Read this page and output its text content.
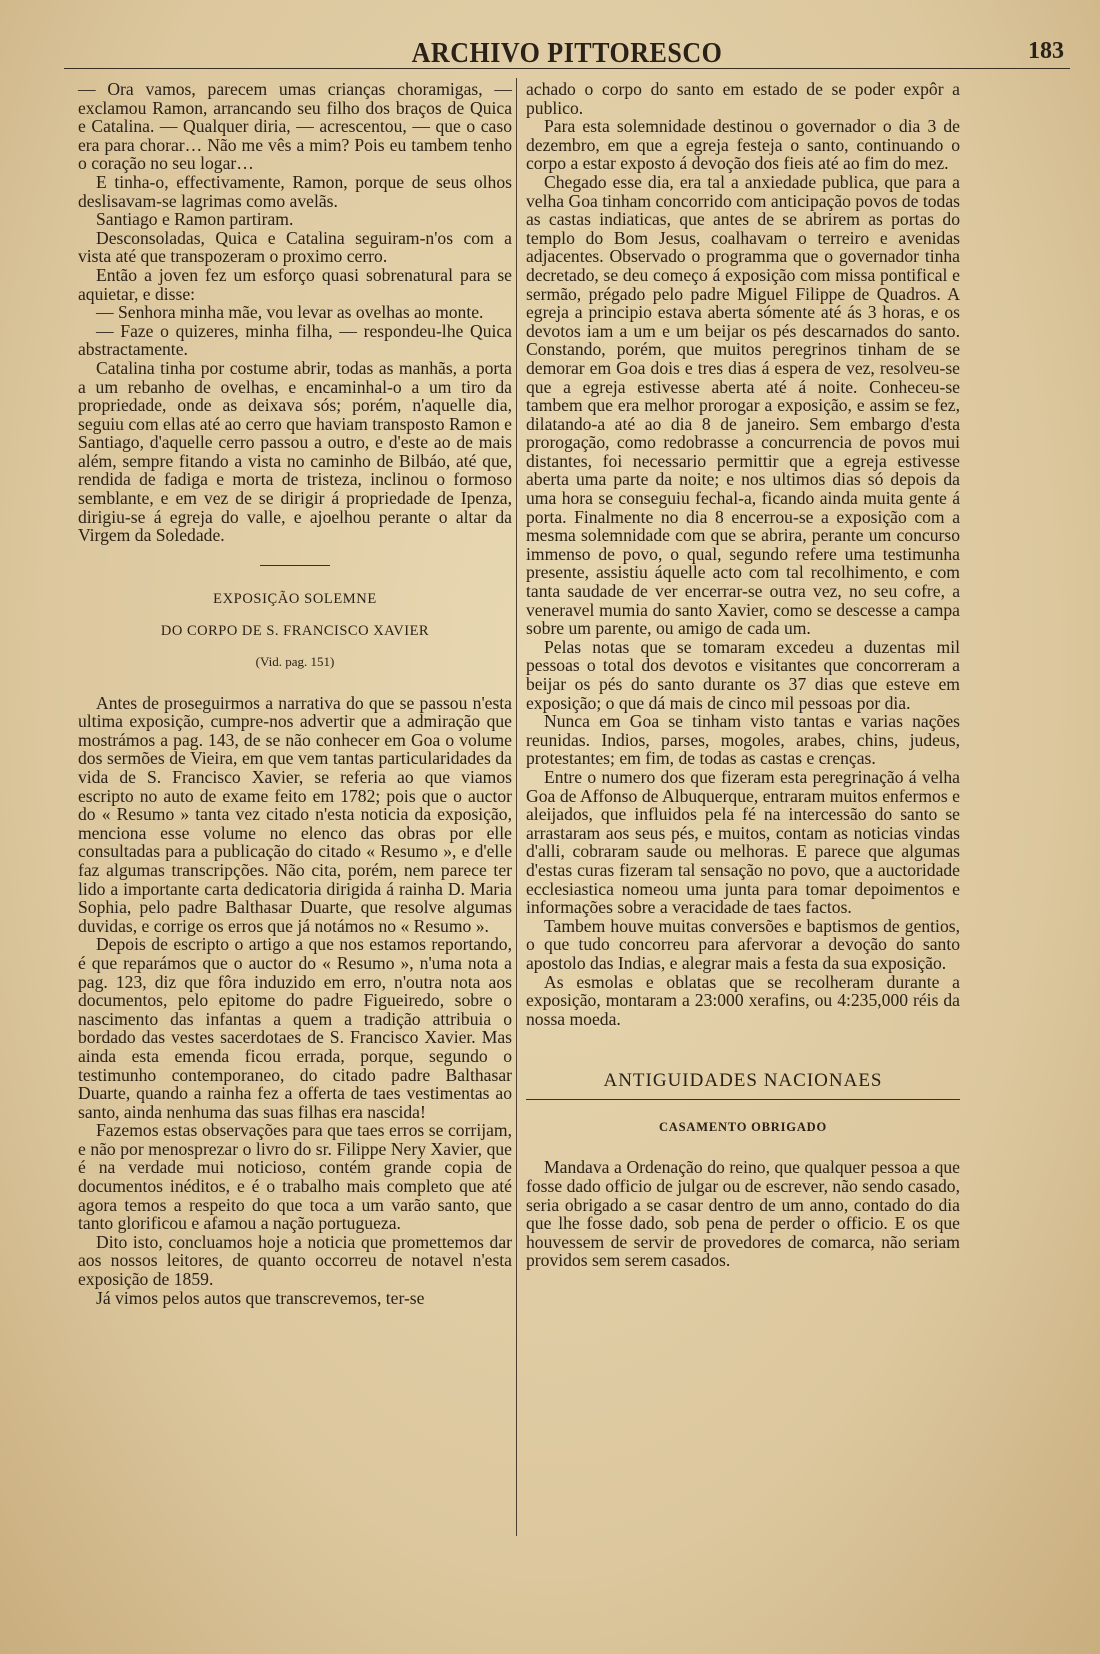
ARCHIVO PITTORESCO	183

— Ora vamos, parecem umas crianças choramigas, — exclamou Ramon, arrancando seu filho dos braços de Quica e Catalina. — Qualquer diria, — acrescentou, — que o caso era para chorar… Não me vês a mim? Pois eu tambem tenho o coração no seu logar…

E tinha-o, effectivamente, Ramon, porque de seus olhos deslisavam-se lagrimas como avelãs.

Santiago e Ramon partiram.

Desconsoladas, Quica e Catalina seguiram-n'os com a vista até que transpozeram o proximo cerro.

Então a joven fez um esforço quasi sobrenatural para se aquietar, e disse:

— Senhora minha mãe, vou levar as ovelhas ao monte.

— Faze o quizeres, minha filha, — respondeu-lhe Quica abstractamente.

Catalina tinha por costume abrir, todas as manhãs, a porta a um rebanho de ovelhas, e encaminhal-o a um tiro da propriedade, onde as deixava sós; porém, n'aquelle dia, seguiu com ellas até ao cerro que haviam transposto Ramon e Santiago, d'aquelle cerro passou a outro, e d'este ao de mais além, sempre fitando a vista no caminho de Bilbáo, até que, rendida de fadiga e morta de tristeza, inclinou o formoso semblante, e em vez de se dirigir á propriedade de Ipenza, dirigiu-se á egreja do valle, e ajoelhou perante o altar da Virgem da Soledade.

EXPOSIÇÃO SOLEMNE
DO CORPO DE S. FRANCISCO XAVIER
(Vid. pag. 151)

Antes de proseguirmos a narrativa do que se passou n'esta ultima exposição, cumpre-nos advertir que a admiração que mostrámos a pag. 143, de se não conhecer em Goa o volume dos sermões de Vieira, em que vem tantas particularidades da vida de S. Francisco Xavier, se referia ao que viamos escripto no auto de exame feito em 1782; pois que o auctor do « Resumo » tanta vez citado n'esta noticia da exposição, menciona esse volume no elenco das obras por elle consultadas para a publicação do citado « Resumo », e d'elle faz algumas transcripções. Não cita, porém, nem parece ter lido a importante carta dedicatoria dirigida á rainha D. Maria Sophia, pelo padre Balthasar Duarte, que resolve algumas duvidas, e corrige os erros que já notámos no « Resumo ».

Depois de escripto o artigo a que nos estamos reportando, é que reparámos que o auctor do « Resumo », n'uma nota a pag. 123, diz que fôra induzido em erro, n'outra nota aos documentos, pelo epitome do padre Figueiredo, sobre o nascimento das infantas a quem a tradição attribuia o bordado das vestes sacerdotaes de S. Francisco Xavier. Mas ainda esta emenda ficou errada, porque, segundo o testimunho contemporaneo, do citado padre Balthasar Duarte, quando a rainha fez a offerta de taes vestimentas ao santo, ainda nenhuma das suas filhas era nascida!

Fazemos estas observações para que taes erros se corrijam, e não por menosprezar o livro do sr. Filippe Nery Xavier, que é na verdade mui noticioso, contém grande copia de documentos inéditos, e é o trabalho mais completo que até agora temos a respeito do que toca a um varão santo, que tanto glorificou e afamou a nação portugueza.

Dito isto, concluamos hoje a noticia que promettemos dar aos nossos leitores, de quanto occorreu de notavel n'esta exposição de 1859.

Já vimos pelos autos que transcrevemos, ter-se

achado o corpo do santo em estado de se poder expôr a publico.

Para esta solemnidade destinou o governador o dia 3 de dezembro, em que a egreja festeja o santo, continuando o corpo a estar exposto á devoção dos fieis até ao fim do mez.

Chegado esse dia, era tal a anxiedade publica, que para a velha Goa tinham concorrido com anticipação povos de todas as castas indiaticas, que antes de se abrirem as portas do templo do Bom Jesus, coalhavam o terreiro e avenidas adjacentes. Observado o programma que o governador tinha decretado, se deu começo á exposição com missa pontifical e sermão, prégado pelo padre Miguel Filippe de Quadros. A egreja a principio estava aberta sómente até ás 3 horas, e os devotos iam a um e um beijar os pés descarnados do santo. Constando, porém, que muitos peregrinos tinham de se demorar em Goa dois e tres dias á espera de vez, resolveu-se que a egreja estivesse aberta até á noite. Conheceu-se tambem que era melhor prorogar a exposição, e assim se fez, dilatando-a até ao dia 8 de janeiro. Sem embargo d'esta prorogação, como redobrasse a concurrencia de povos mui distantes, foi necessario permittir que a egreja estivesse aberta uma parte da noite; e nos ultimos dias só depois da uma hora se conseguiu fechal-a, ficando ainda muita gente á porta. Finalmente no dia 8 encerrou-se a exposição com a mesma solemnidade com que se abrira, perante um concurso immenso de povo, o qual, segundo refere uma testimunha presente, assistiu áquelle acto com tal recolhimento, e com tanta saudade de ver encerrar-se outra vez, no seu cofre, a veneravel mumia do santo Xavier, como se descesse a campa sobre um parente, ou amigo de cada um.

Pelas notas que se tomaram excedeu a duzentas mil pessoas o total dos devotos e visitantes que concorreram a beijar os pés do santo durante os 37 dias que esteve em exposição; o que dá mais de cinco mil pessoas por dia.

Nunca em Goa se tinham visto tantas e varias nações reunidas. Indios, parses, mogoles, arabes, chins, judeus, protestantes; em fim, de todas as castas e crenças.

Entre o numero dos que fizeram esta peregrinação á velha Goa de Affonso de Albuquerque, entraram muitos enfermos e aleijados, que influidos pela fé na intercessão do santo se arrastaram aos seus pés, e muitos, contam as noticias vindas d'alli, cobraram saude ou melhoras. E parece que algumas d'estas curas fizeram tal sensação no povo, que a auctoridade ecclesiastica nomeou uma junta para tomar depoimentos e informações sobre a veracidade de taes factos.

Tambem houve muitas conversões e baptismos de gentios, o que tudo concorreu para afervorar a devoção do santo apostolo das Indias, e alegrar mais a festa da sua exposição.

As esmolas e oblatas que se recolheram durante a exposição, montaram a 23:000 xerafins, ou 4:235,000 réis da nossa moeda.

ANTIGUIDADES NACIONAES
CASAMENTO OBRIGADO

Mandava a Ordenação do reino, que qualquer pessoa a que fosse dado officio de julgar ou de escrever, não sendo casado, seria obrigado a se casar dentro de um anno, contado do dia que lhe fosse dado, sob pena de perder o officio. E os que houvessem de servir de provedores de comarca, não seriam providos sem serem casados.
